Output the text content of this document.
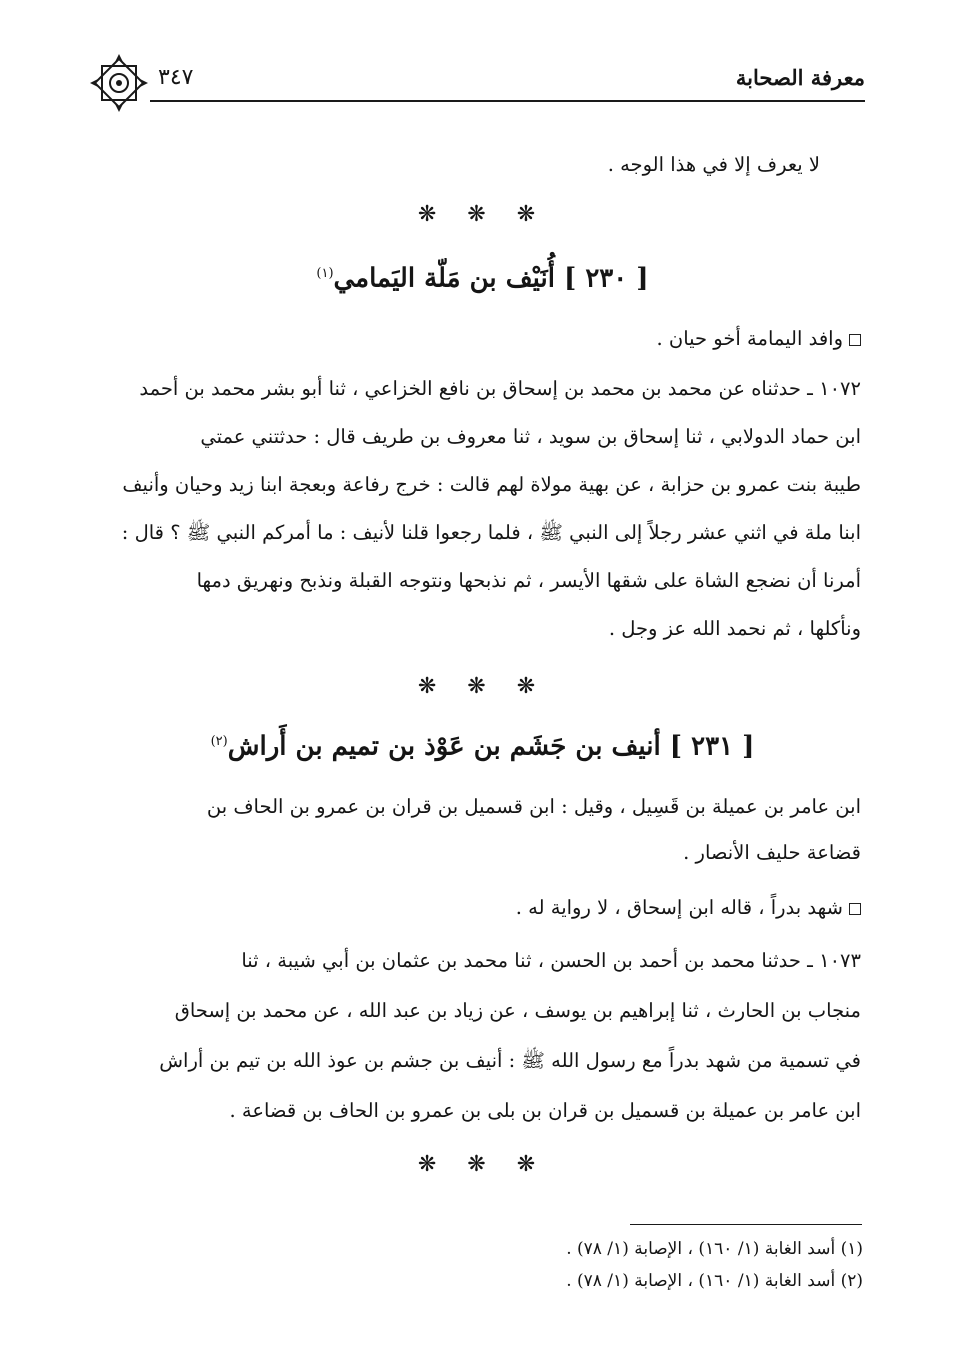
معرفة الصحابة
٣٤٧
لا يعرف إلا في هذا الوجه .
❋ ❋ ❋
[ ٢٣٠ ] أُنَيْف بن مَلّة اليَمامي$^{(١)}$
وافد اليمامة أخو حيان .
١٠٧٢ ـ حدثناه عن محمد بن محمد بن إسحاق بن نافع الخزاعي ، ثنا أبو بشر محمد بن أحمد
ابن حماد الدولابي ، ثنا إسحاق بن سويد ، ثنا معروف بن طريف قال : حدثتني عمتي
طيبة بنت عمرو بن حزابة ، عن بهية مولاة لهم قالت : خرج رفاعة وبعجة ابنا زيد وحيان وأنيف
ابنا ملة في اثني عشر رجلاً إلى النبي ﷺ ، فلما رجعوا قلنا لأنيف : ما أمركم النبي ﷺ ؟ قال :
أمرنا أن نضجع الشاة على شقها الأيسر ، ثم نذبحها ونتوجه القبلة ونذبح ونهريق دمها
ونأكلها ، ثم نحمد الله عز وجل .
❋ ❋ ❋
[ ٢٣١ ] أنيف بن جَشَم بن عَوْذ بن تميم بن أَراش$^{(٢)}$
ابن عامر بن عميلة بن قَسِيل ، وقيل : ابن قسميل بن قران بن عمرو بن الحاف بن
قضاعة حليف الأنصار .
شهد بدراً ، قاله ابن إسحاق ، لا رواية له .
١٠٧٣ ـ حدثنا محمد بن أحمد بن الحسن ، ثنا محمد بن عثمان بن أبي شيبة ، ثنا
منجاب بن الحارث ، ثنا إبراهيم بن يوسف ، عن زياد بن عبد الله ، عن محمد بن إسحاق
في تسمية من شهد بدراً مع رسول الله ﷺ : أنيف بن جشم بن عوذ الله بن تيم بن أراش
ابن عامر بن عميلة بن قسميل بن قران بن بلى بن عمرو بن الحاف بن قضاعة .
❋ ❋ ❋
(١) أسد الغابة (١/ ١٦٠) ، الإصابة (١/ ٧٨) .
(٢) أسد الغابة (١/ ١٦٠) ، الإصابة (١/ ٧٨) .
